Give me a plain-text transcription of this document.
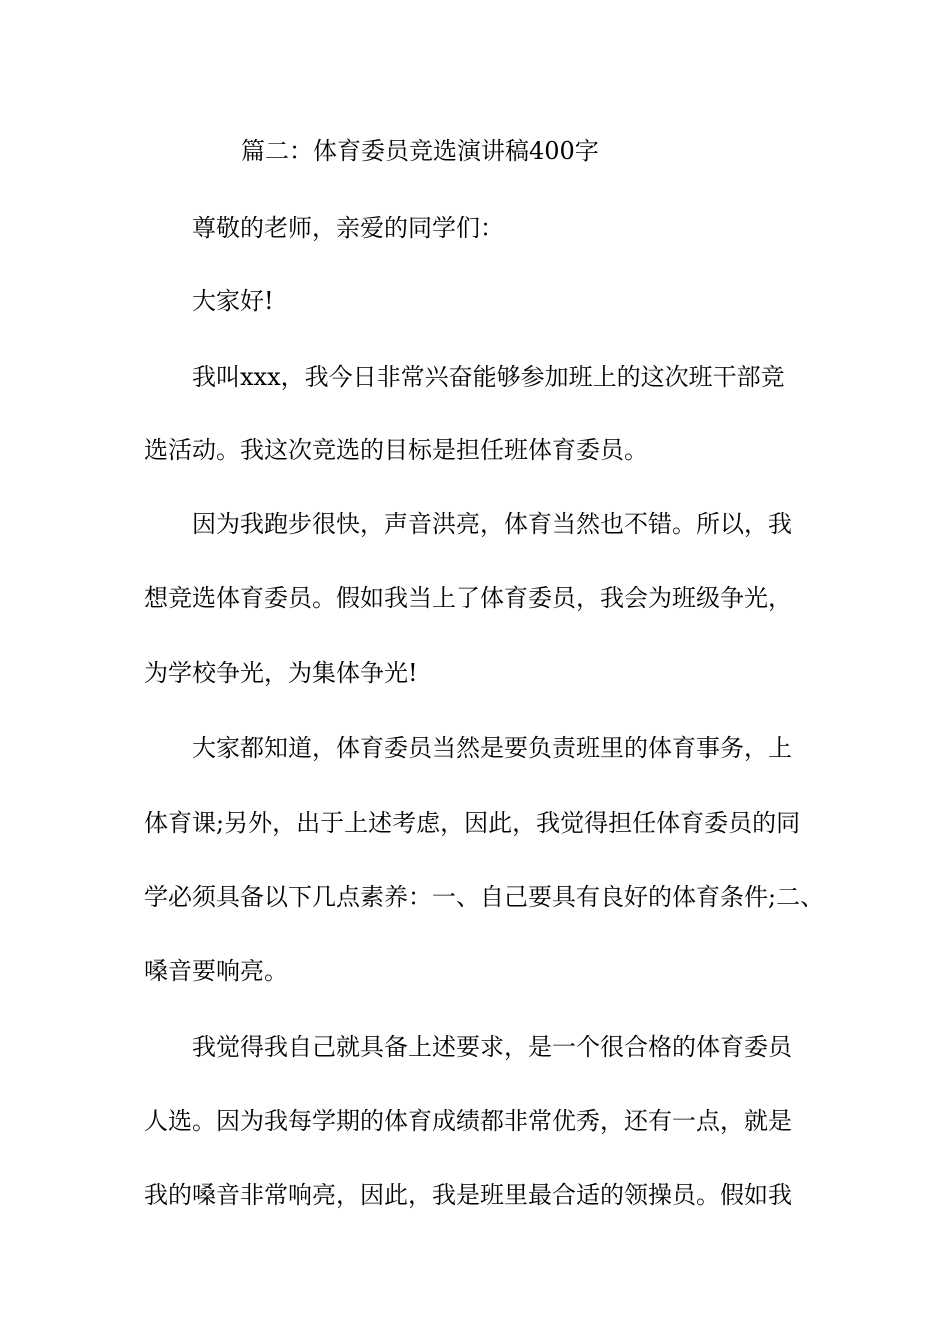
篇二：体育委员竞选演讲稿400字
尊敬的老师，亲爱的同学们：
大家好!
我叫xxx，我今日非常兴奋能够参加班上的这次班干部竞
选活动。我这次竞选的目标是担任班体育委员。
因为我跑步很快，声音洪亮，体育当然也不错。所以，我
想竞选体育委员。假如我当上了体育委员，我会为班级争光，
为学校争光，为集体争光!
大家都知道，体育委员当然是要负责班里的体育事务，上
体育课;另外，出于上述考虑，因此，我觉得担任体育委员的同
学必须具备以下几点素养：一、自己要具有良好的体育条件;二、
嗓音要响亮。
我觉得我自己就具备上述要求，是一个很合格的体育委员
人选。因为我每学期的体育成绩都非常优秀，还有一点，就是
我的嗓音非常响亮，因此，我是班里最合适的领操员。假如我
